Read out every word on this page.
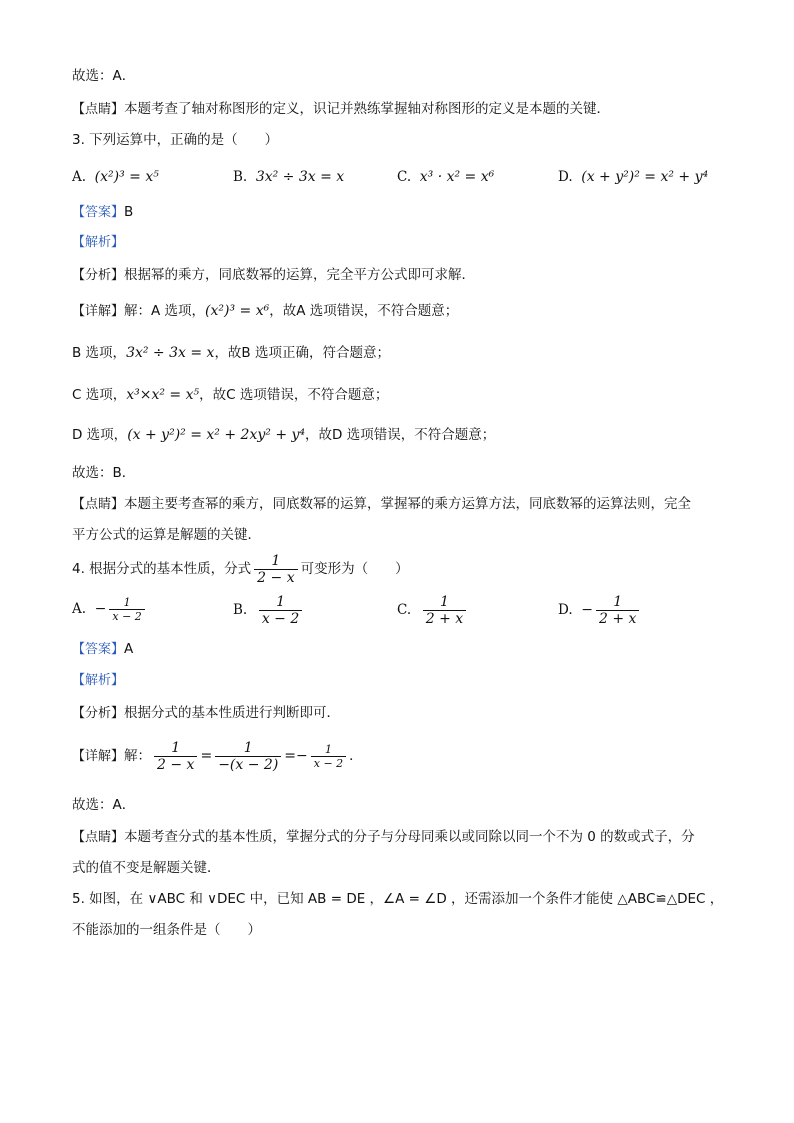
故选：A．
【点睛】本题考查了轴对称图形的定义，识记并熟练掌握轴对称图形的定义是本题的关键．
3. 下列运算中，正确的是（　　）
A. (x²)³ = x⁵	B. 3x² ÷ 3x = x	C. x³ · x² = x⁶	D. (x + y²)² = x² + y⁴
【答案】B
【解析】
【分析】根据幂的乘方，同底数幂的运算，完全平方公式即可求解．
【详解】解：A 选项，(x²)³ = x⁶，故A 选项错误，不符合题意；
B 选项，3x² ÷ 3x = x，故B 选项正确，符合题意；
C 选项，x³×x² = x⁵，故C 选项错误，不符合题意；
D 选项，(x + y²)² = x² + 2xy² + y⁴，故D 选项错误，不符合题意；
故选：B．
【点睛】本题主要考查幂的乘方，同底数幂的运算，掌握幂的乘方运算方法，同底数幂的运算法则，完全
平方公式的运算是解题的关键．
4. 根据分式的基本性质，分式 $\frac{1}{2 - x}$ 可变形为（　　）
A. − $\frac{1}{x - 2}$	B. $\frac{1}{x - 2}$	C. $\frac{1}{2 + x}$	D. − $\frac{1}{2 + x}$
【答案】A
【解析】
【分析】根据分式的基本性质进行判断即可．
【详解】解： $\frac{1}{2 - x} = \frac{1}{-(x - 2)} =- \frac{1}{x - 2}$ ．
故选：A．
【点睛】本题考查分式的基本性质，掌握分式的分子与分母同乘以或同除以同一个不为 0 的数或式子，分
式的值不变是解题关键．
5. 如图，在 ∨ABC 和 ∨DEC 中，已知 AB = DE ，∠A = ∠D ，还需添加一个条件才能使 △ABC≌△DEC ，
不能添加的一组条件是（　　）
